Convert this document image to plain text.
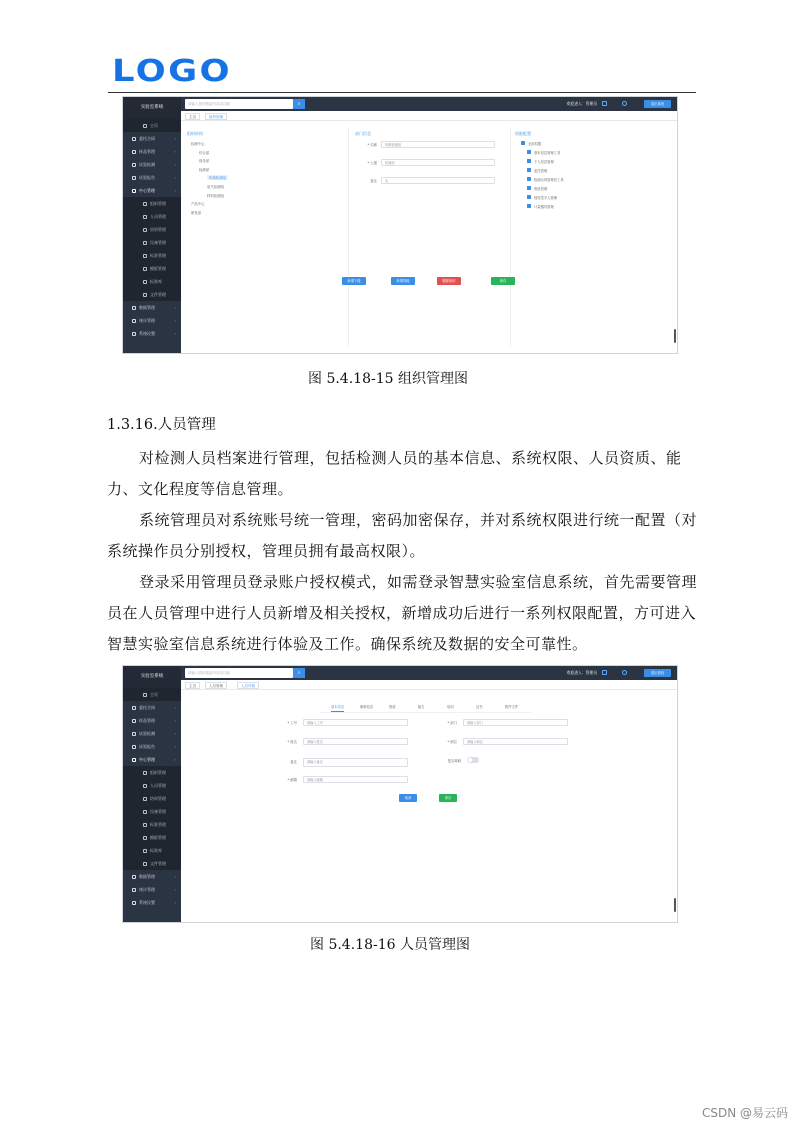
LOGO
实验室系统
主页
委托合同	›
样品管理	›
试验检测	›
试验报告	›
中心管理	›
组织管理
人员管理
培训管理
设备管理
标准管理
模板管理
标准库
文件管理
数据管理	›
统计管理	›
系统设置	›
请输入您的搜索内容或功能	⌕	欢迎进入：管理员	退出系统
主页	组织管理
组织结构
检测中心
综合部
财务部
检测部
机械检测组
电气检测组
材料检测组
产品中心
研发部
部门信息
* 名称	机械检测组
* 上级	检测部
备注	无
权限配置
全部权限
基本信息管理工具
个人信息管理
委托管理
检测合同管理员工具
资质管理
授权签字人管理
计量器具管理
新增下级	新增同级	删除组织	保存
图 5.4.18-15 组织管理图
1.3.16.人员管理

对检测人员档案进行管理，包括检测人员的基本信息、系统权限、人员资质、能力、文化程度等信息管理。

系统管理员对系统账号统一管理，密码加密保存，并对系统权限进行统一配置（对系统操作员分别授权，管理员拥有最高权限）。

登录采用管理员登录账户授权模式，如需登录智慧实验室信息系统，首先需要管理员在人员管理中进行人员新增及相关授权，新增成功后进行一系列权限配置，方可进入智慧实验室信息系统进行体验及工作。确保系统及数据的安全可靠性。

实验室系统
主页
委托合同	›
样品管理	›
试验检测	›
试验报告	›
中心管理	›
组织管理
人员管理
培训管理
设备管理
标准管理
模板管理
标准库
文件管理
数据管理	›
统计管理	›
系统设置	›
请输入您的搜索内容或功能	⌕	欢迎进入：管理员	退出系统
主页	人员管理	人员详情
基本信息	职称信息	资质	能力	培训	证书	附件文件
* 工号	请输入工号
* 姓名	请输入姓名
备注	请输入备注
* 邮箱	请输入邮箱
* 部门	请输入部门
* 职位	请输入职位
是否离职
取消	保存
图 5.4.18-16 人员管理图
CSDN @易云码
